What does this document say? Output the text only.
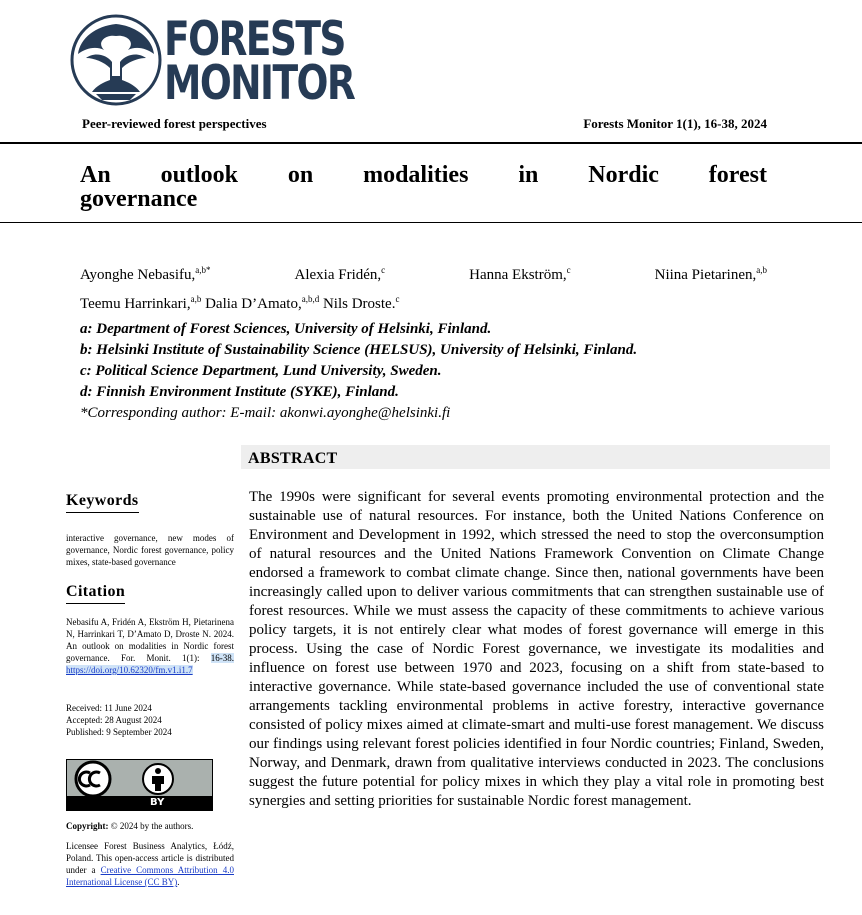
FORESTS
MONITOR
Peer-reviewed forest perspectives	Forests Monitor 1(1), 16-38, 2024
An outlook on modalities in Nordic forest
governance
Ayonghe Nebasifu,$^{a,b*}$	Alexia Fridén,$^c$	Hanna Ekström,$^c$	Niina Pietarinen,$^{a,b}$
Teemu Harrinkari,$^{a,b}$ Dalia D’Amato,$^{a,b,d}$ Nils Droste.$^c$
a: Department of Forest Sciences, University of Helsinki, Finland.
b: Helsinki Institute of Sustainability Science (HELSUS), University of Helsinki, Finland.
c: Political Science Department, Lund University, Sweden.
d: Finnish Environment Institute (SYKE), Finland.
*Corresponding author: E-mail: akonwi.ayonghe@helsinki.fi
ABSTRACT

The 1990s were significant for several events promoting environmental protection and the sustainable use of natural resources. For instance, both the United Nations Conference on Environment and Development in 1992, which stressed the need to stop the overconsumption of natural resources and the United Nations Framework Convention on Climate Change endorsed a framework to combat climate change. Since then, national governments have been increasingly called upon to deliver various commitments that can strengthen sustainable use of forest resources. While we must assess the capacity of these commitments to achieve various policy targets, it is not entirely clear what modes of forest governance will emerge in this process. Using the case of Nordic Forest governance, we investigate its modalities and influence on forest use between 1970 and 2023, focusing on a shift from state-based to interactive governance. While state-based governance included the use of conventional state arrangements tackling environmental problems in active forestry, interactive governance consisted of policy mixes aimed at climate-smart and multi-use forest management. We discuss our findings using relevant forest policies identified in four Nordic countries; Finland, Sweden, Norway, and Denmark, drawn from qualitative interviews conducted in 2023. The conclusions suggest the future potential for policy mixes in which they play a vital role in promoting best synergies and setting priorities for sustainable Nordic forest management.

Keywords
interactive governance, new modes of governance, Nordic forest governance, policy mixes, state-based governance
Citation
Nebasifu A, Fridén A, Ekström H, Pietarinena N, Harrinkari T, D’Amato D, Droste N. 2024. An outlook on modalities in Nordic forest governance. For. Monit. 1(1): 16-38. https://doi.org/10.62320/fm.v1.i1.7
Received: 11 June 2024
Accepted: 28 August 2024
Published: 9 September 2024
BY
Copyright: © 2024 by the authors.
Licensee Forest Business Analytics, Łódź, Poland. This open-access article is distributed under a Creative Commons Attribution 4.0 International License (CC BY).
